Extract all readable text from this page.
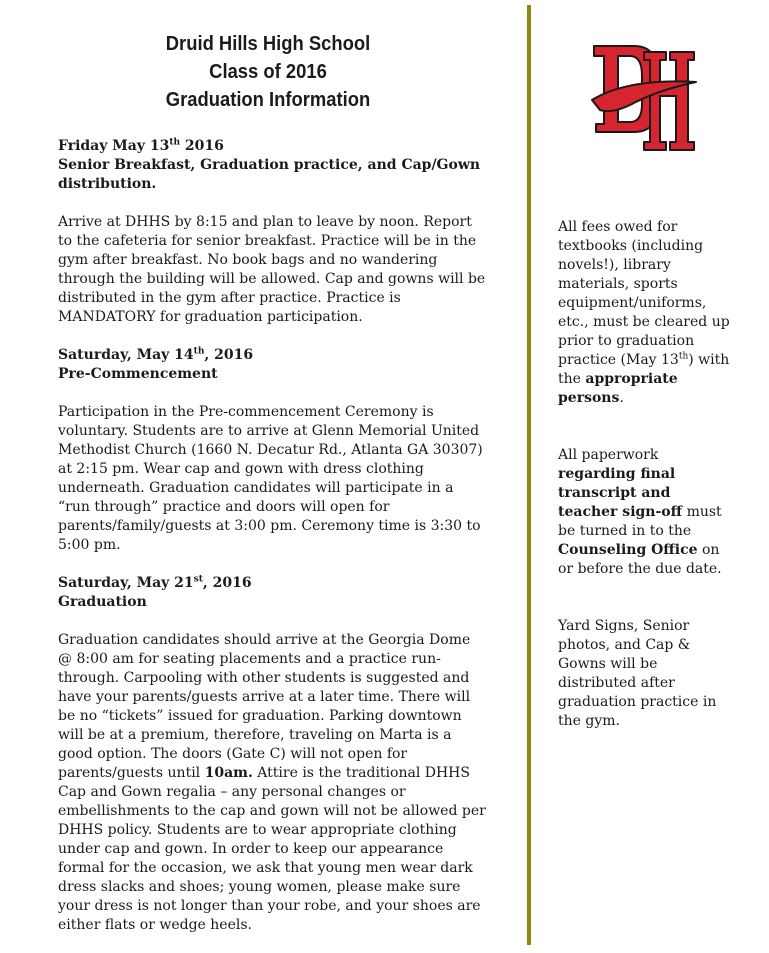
Druid Hills High School
Class of 2016
Graduation Information

Friday May 13th 2016

Senior Breakfast, Graduation practice, and Cap/Gown distribution.

Arrive at DHHS by 8:15 and plan to leave by noon. Report to the cafeteria for senior breakfast. Practice will be in the gym after breakfast. No book bags and no wandering through the building will be allowed. Cap and gowns will be distributed in the gym after practice. Practice is MANDATORY for graduation participation.

Saturday, May 14th, 2016

Pre-Commencement

Participation in the Pre-commencement Ceremony is voluntary. Students are to arrive at Glenn Memorial United Methodist Church (1660 N. Decatur Rd., Atlanta GA 30307) at 2:15 pm. Wear cap and gown with dress clothing underneath. Graduation candidates will participate in a “run through” practice and doors will open for parents/family/guests at 3:00 pm. Ceremony time is 3:30 to 5:00 pm.

Saturday, May 21st, 2016

Graduation

Graduation candidates should arrive at the Georgia Dome @ 8:00 am for seating placements and a practice run-through. Carpooling with other students is suggested and have your parents/guests arrive at a later time. There will be no “tickets” issued for graduation. Parking downtown will be at a premium, therefore, traveling on Marta is a good option. The doors (Gate C) will not open for parents/guests until 10am. Attire is the traditional DHHS Cap and Gown regalia – any personal changes or embellishments to the cap and gown will not be allowed per DHHS policy. Students are to wear appropriate clothing under cap and gown. In order to keep our appearance formal for the occasion, we ask that young men wear dark dress slacks and shoes; young women, please make sure your dress is not longer than your robe, and your shoes are either flats or wedge heels.

All fees owed for textbooks (including novels!), library materials, sports equipment/uniforms, etc., must be cleared up prior to graduation practice (May 13th) with the appropriate persons.

All paperwork regarding final transcript and teacher sign-off must be turned in to the Counseling Office on or before the due date.

Yard Signs, Senior photos, and Cap & Gowns will be distributed after graduation practice in the gym.
